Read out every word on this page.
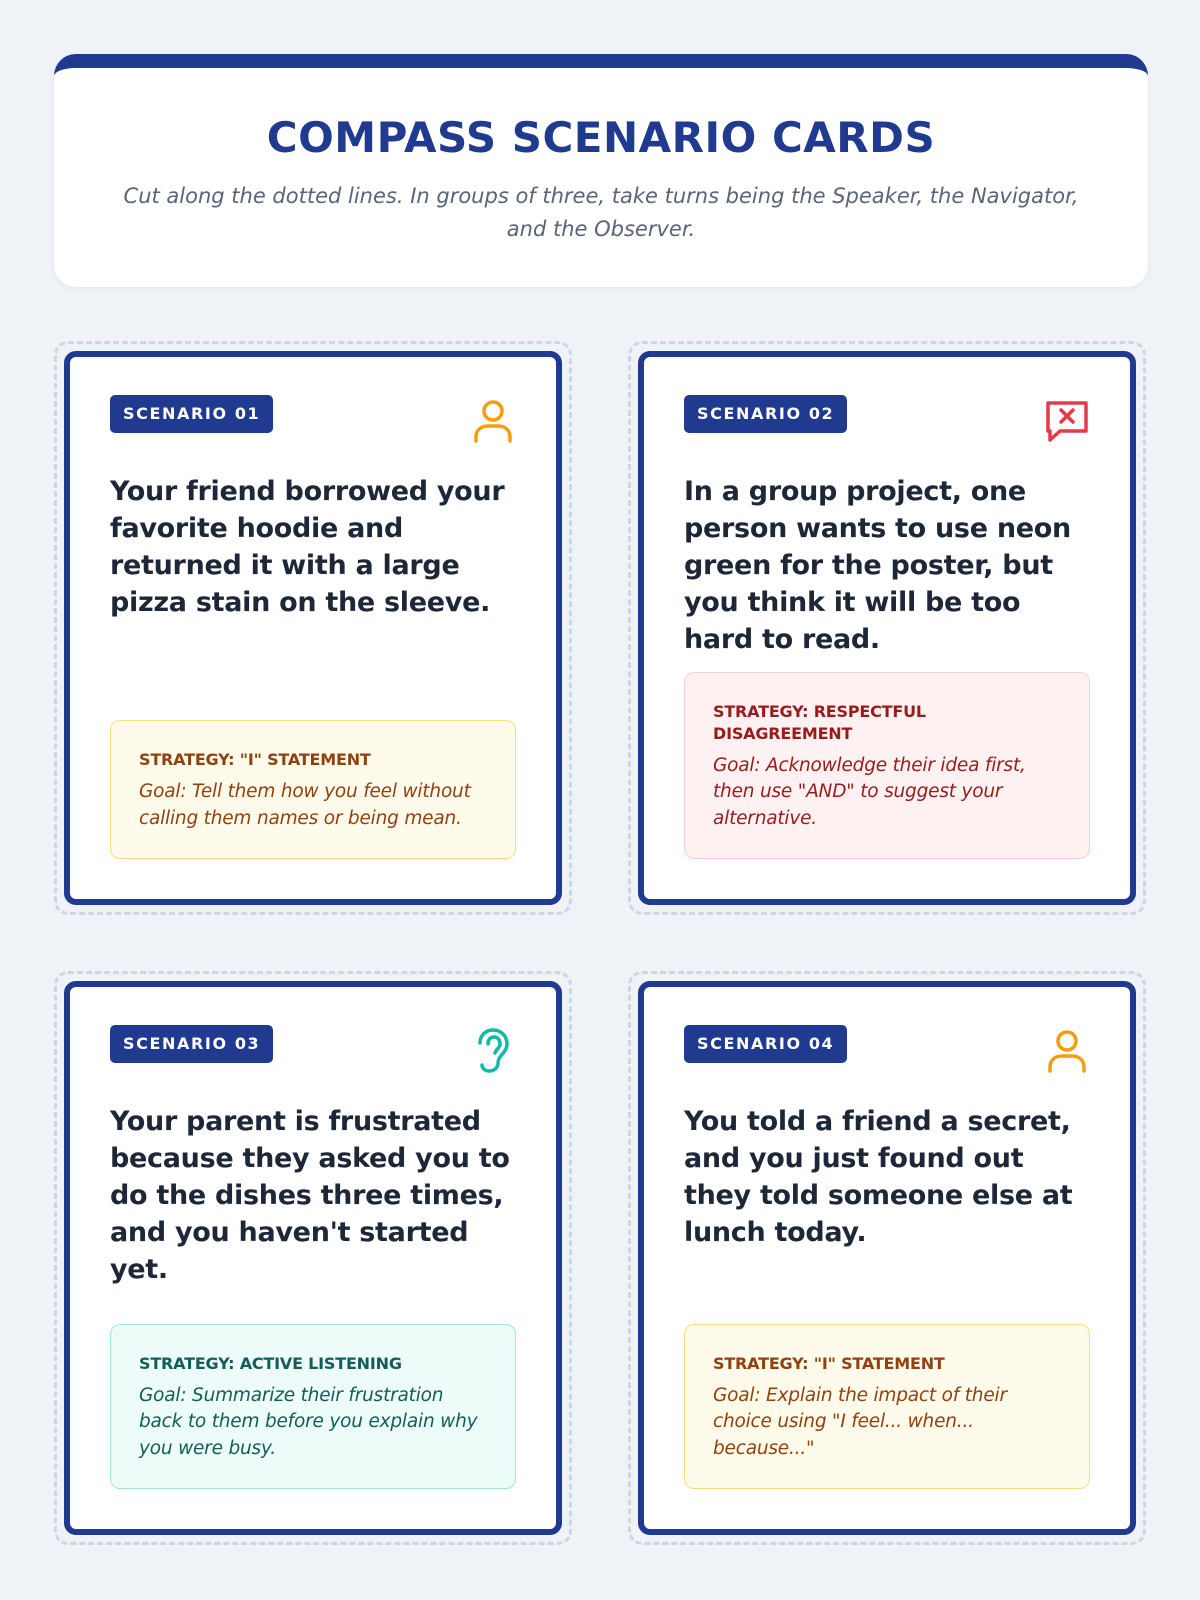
COMPASS SCENARIO CARDS

Cut along the dotted lines. In groups of three, take turns being the Speaker, the Navigator, and the Observer.

SCENARIO 01
Your friend borrowed your favorite hoodie and returned it with a large pizza stain on the sleeve.
STRATEGY: "I" STATEMENT
Goal: Tell them how you feel without calling them names or being mean.
SCENARIO 02
In a group project, one person wants to use neon green for the poster, but you think it will be too hard to read.
STRATEGY: RESPECTFUL DISAGREEMENT
Goal: Acknowledge their idea first, then use "AND" to suggest your alternative.
SCENARIO 03
Your parent is frustrated because they asked you to do the dishes three times, and you haven't started yet.
STRATEGY: ACTIVE LISTENING
Goal: Summarize their frustration back to them before you explain why you were busy.
SCENARIO 04
You told a friend a secret, and you just found out they told someone else at lunch today.
STRATEGY: "I" STATEMENT
Goal: Explain the impact of their choice using "I feel... when... because..."
